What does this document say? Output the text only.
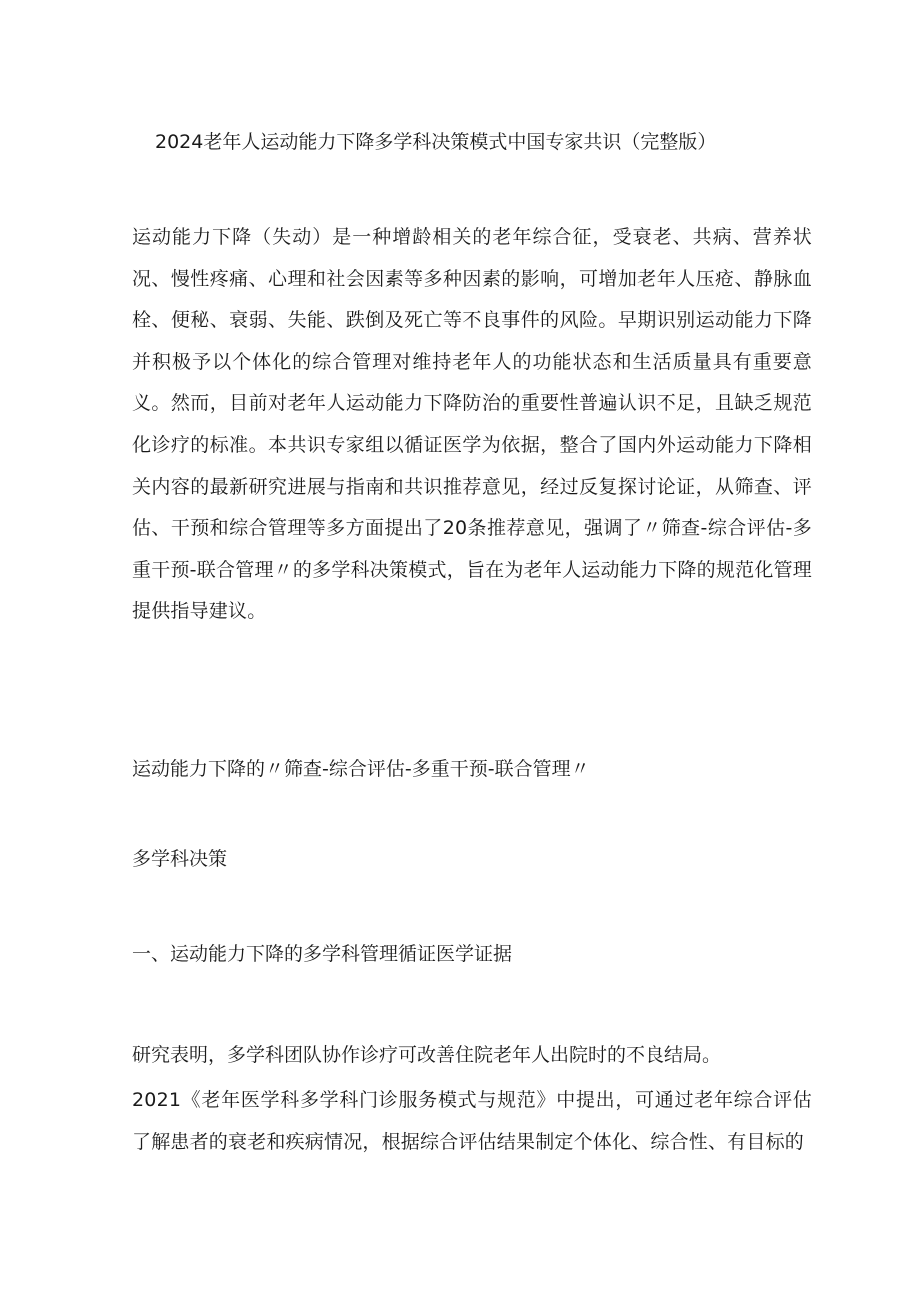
2024老年人运动能力下降多学科决策模式中国专家共识（完整版）

运动能力下降（失动）是一种增龄相关的老年综合征，受衰老、共病、营养状况、慢性疼痛、心理和社会因素等多种因素的影响，可增加老年人压疮、静脉血栓、便秘、衰弱、失能、跌倒及死亡等不良事件的风险。早期识别运动能力下降并积极予以个体化的综合管理对维持老年人的功能状态和生活质量具有重要意义。然而，目前对老年人运动能力下降防治的重要性普遍认识不足，且缺乏规范化诊疗的标准。本共识专家组以循证医学为依据，整合了国内外运动能力下降相关内容的最新研究进展与指南和共识推荐意见，经过反复探讨论证，从筛查、评估、干预和综合管理等多方面提出了20条推荐意见，强调了〃筛查-综合评估-多重干预-联合管理〃的多学科决策模式，旨在为老年人运动能力下降的规范化管理提供指导建议。

运动能力下降的〃筛查-综合评估-多重干预-联合管理〃

多学科决策

一、运动能力下降的多学科管理循证医学证据

研究表明，多学科团队协作诊疗可改善住院老年人出院时的不良结局。

2021《老年医学科多学科门诊服务模式与规范》中提出，可通过老年综合评估了解患者的衰老和疾病情况，根据综合评估结果制定个体化、综合性、有目标的
